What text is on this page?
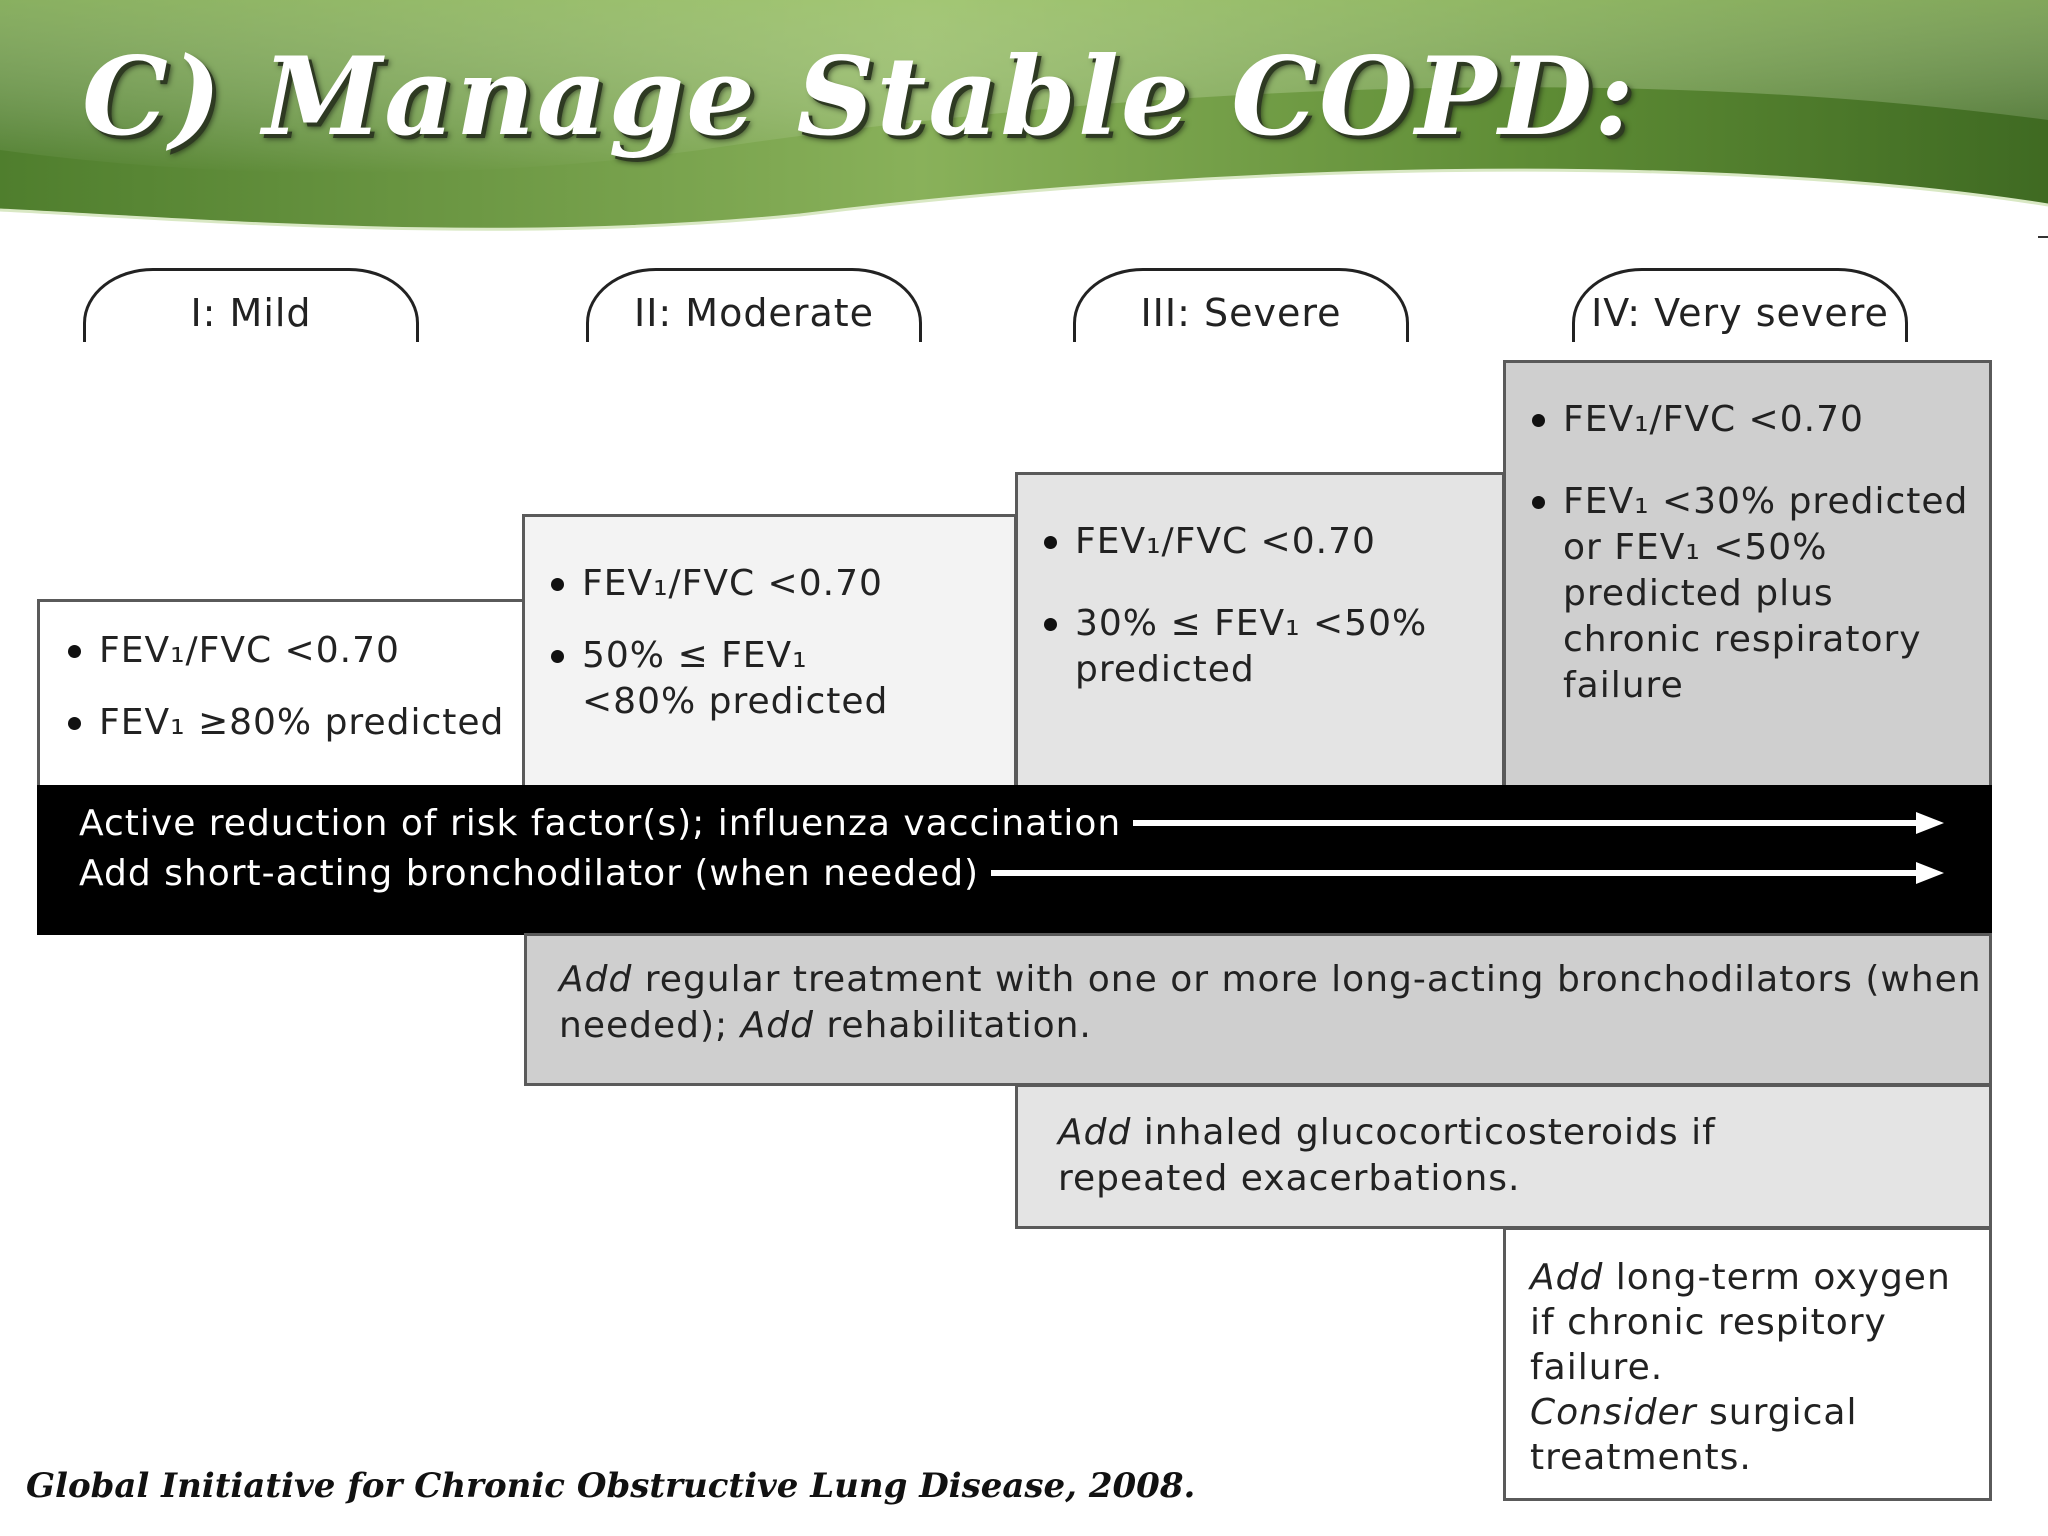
C) Manage Stable COPD:
I: Mild	II: Moderate	III: Severe	IV: Very severe
FEV₁/FVC <0.70
FEV₁ ≥80% predicted
FEV₁/FVC <0.70
50% ≤ FEV₁ <80% predicted
FEV₁/FVC <0.70
30% ≤ FEV₁ <50% predicted
FEV₁/FVC <0.70
FEV₁ <30% predicted or FEV₁ <50% predicted plus chronic respiratory failure
Active reduction of risk factor(s); influenza vaccination
Add short-acting bronchodilator (when needed)
Add regular treatment with one or more long-acting bronchodilators (when needed); Add rehabilitation.
Add inhaled glucocorticosteroids if repeated exacerbations.
Add long-term oxygen if chronic respitory failure.
Consider surgical treatments.

Global Initiative for Chronic Obstructive Lung Disease, 2008.
